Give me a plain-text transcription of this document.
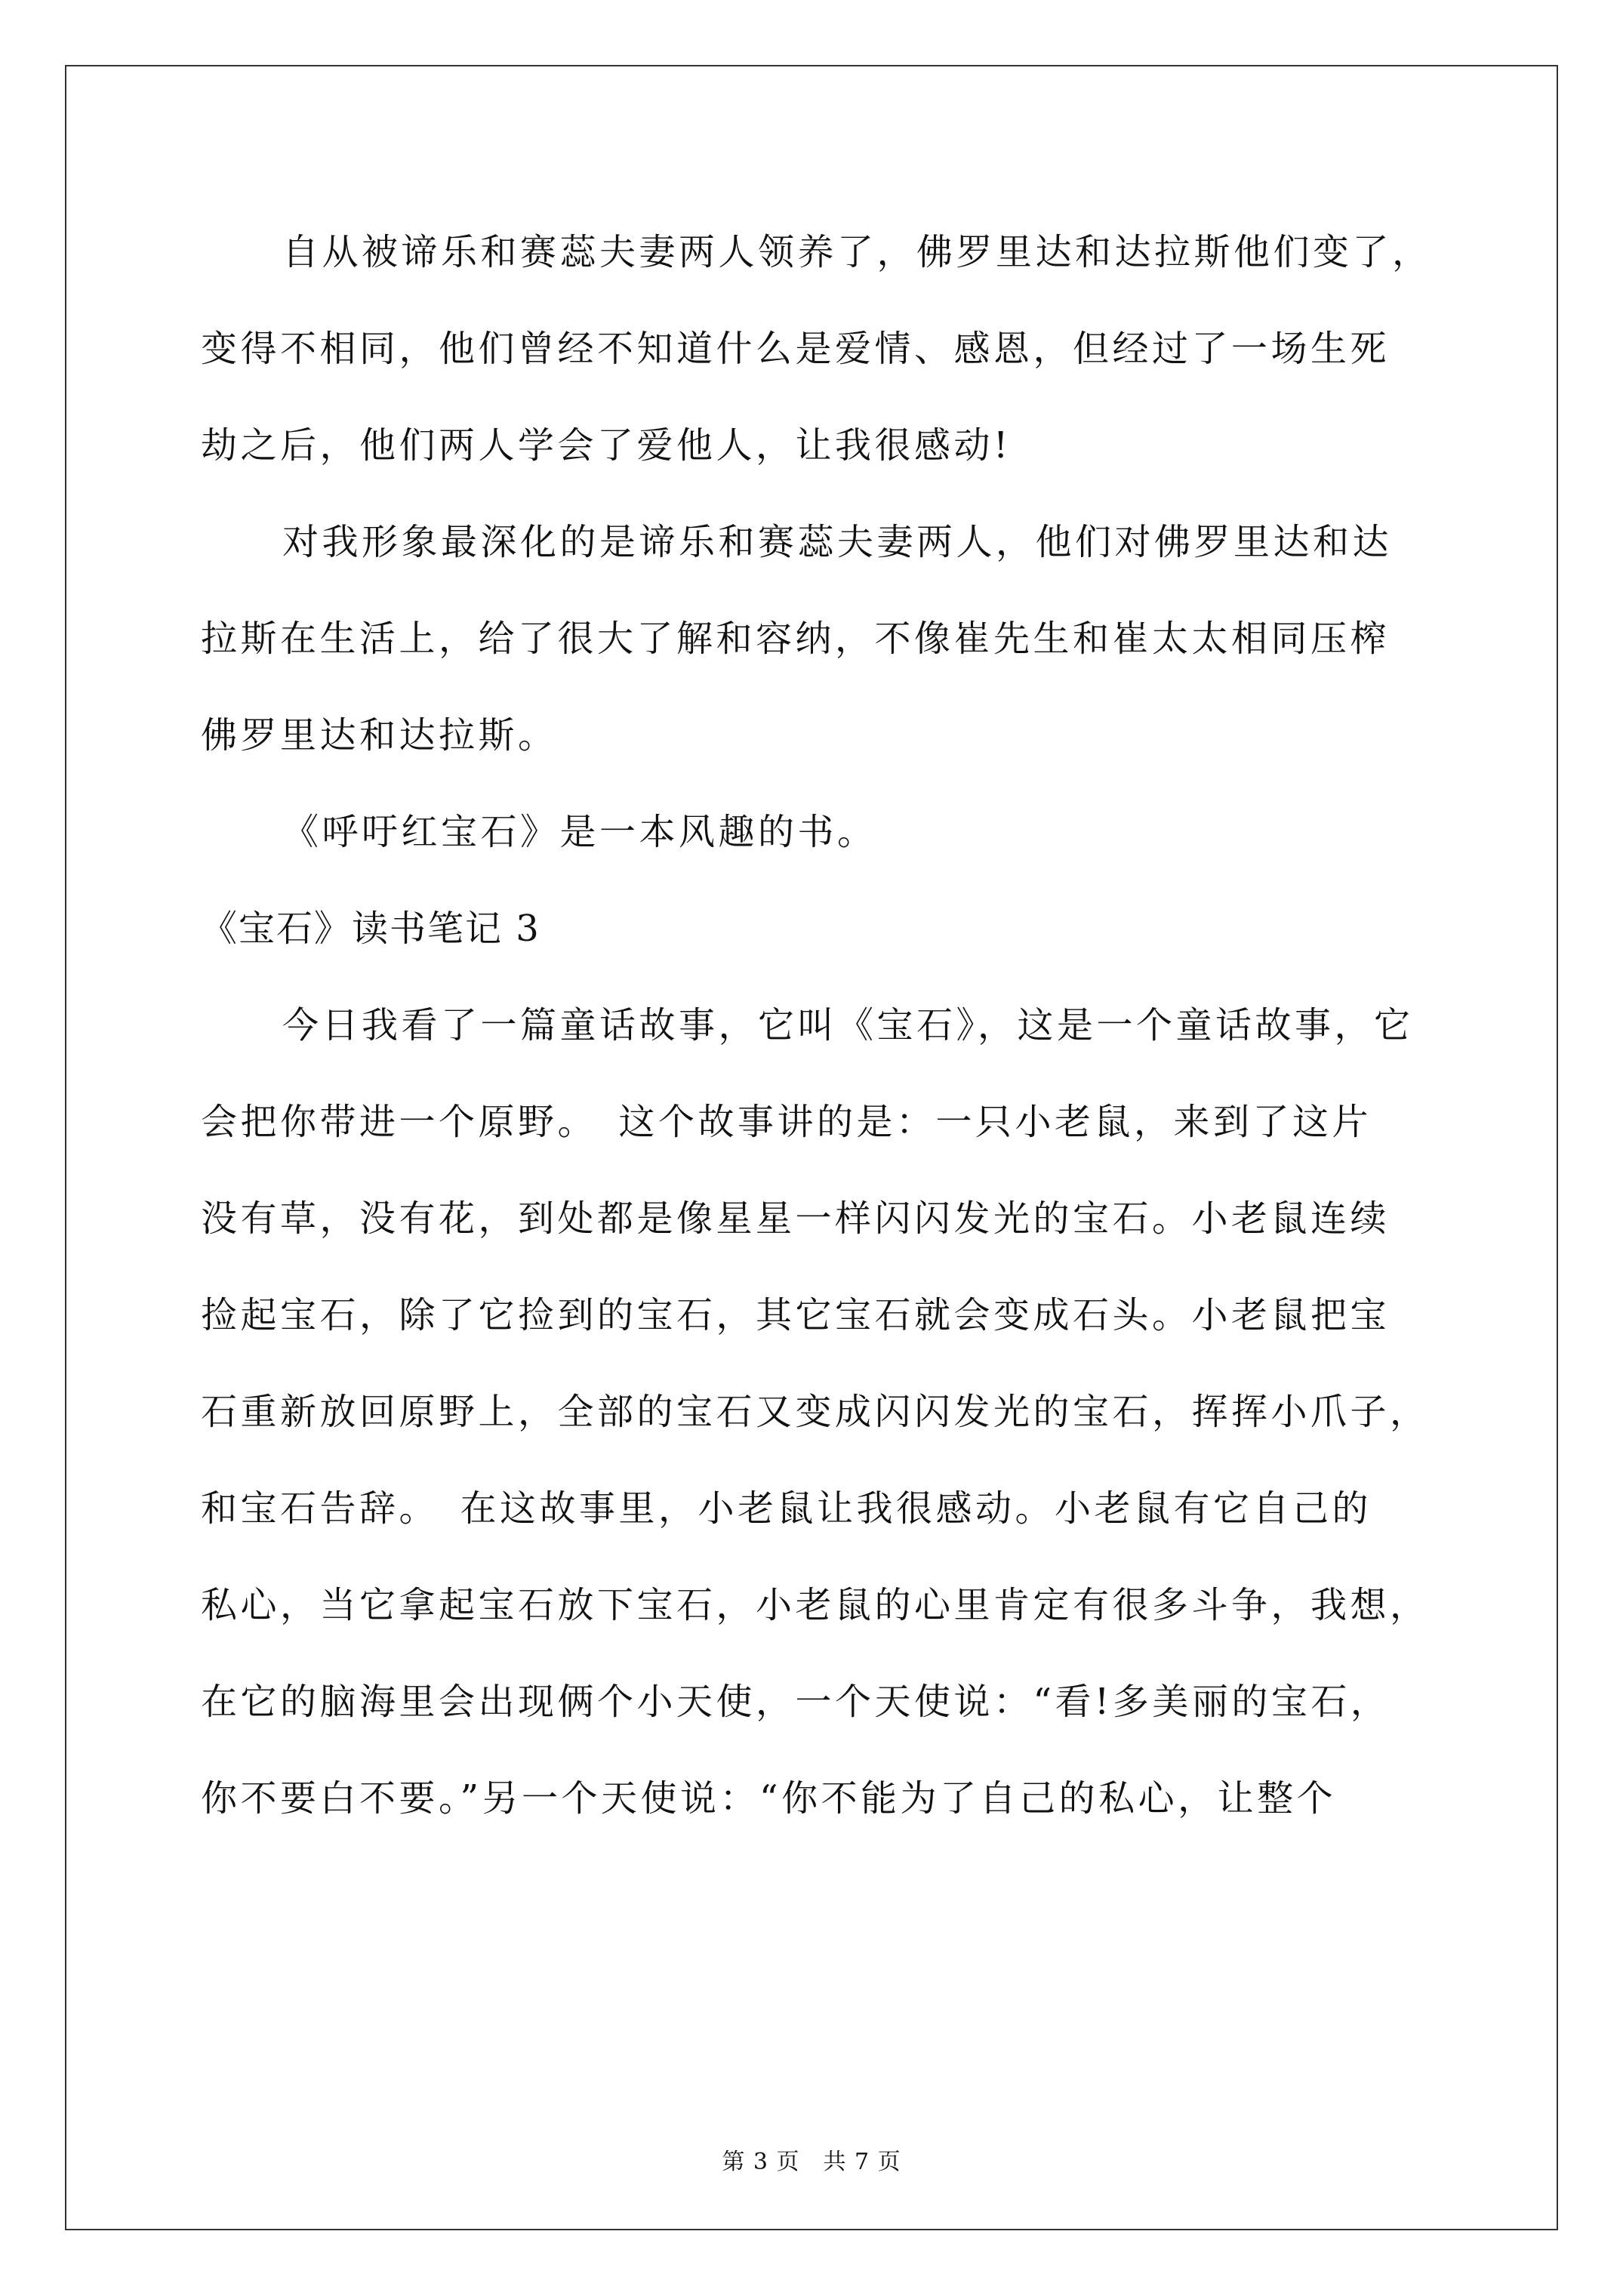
自从被谛乐和赛蕊夫妻两人领养了，佛罗里达和达拉斯他们变了，
变得不相同，他们曾经不知道什么是爱情、感恩，但经过了一场生死
劫之后，他们两人学会了爱他人，让我很感动!
对我形象最深化的是谛乐和赛蕊夫妻两人，他们对佛罗里达和达
拉斯在生活上，给了很大了解和容纳，不像崔先生和崔太太相同压榨
佛罗里达和达拉斯。
《呼吁红宝石》是一本风趣的书。
《宝石》读书笔记 3
今日我看了一篇童话故事，它叫《宝石》，这是一个童话故事，它
会把你带进一个原野。　这个故事讲的是：一只小老鼠，来到了这片
没有草，没有花，到处都是像星星一样闪闪发光的宝石。小老鼠连续
捡起宝石，除了它捡到的宝石，其它宝石就会变成石头。小老鼠把宝
石重新放回原野上，全部的宝石又变成闪闪发光的宝石，挥挥小爪子，
和宝石告辞。　在这故事里，小老鼠让我很感动。小老鼠有它自己的
私心，当它拿起宝石放下宝石，小老鼠的心里肯定有很多斗争，我想，
在它的脑海里会出现俩个小天使，一个天使说：“看!多美丽的宝石，
你不要白不要。”另一个天使说：“你不能为了自己的私心，让整个
第 3 页　共 7 页
